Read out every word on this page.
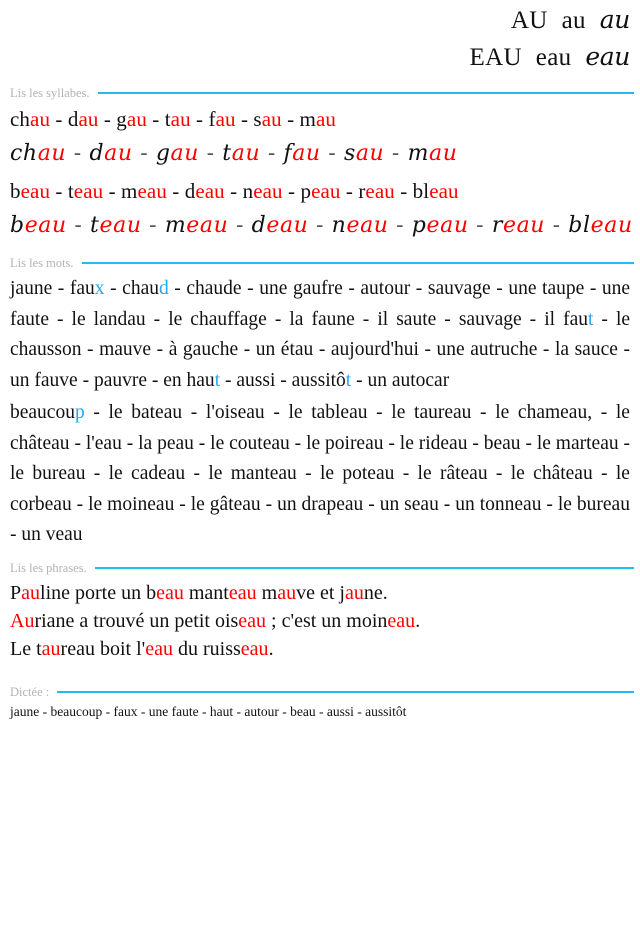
AU au au
EAU eau eau
Lis les syllabes.
chau - dau - gau - tau - fau - sau - mau
chau - dau - gau - tau - fau - sau - mau
beau - teau - meau - deau - neau - peau - reau - bleau
beau - teau - meau - deau - neau - peau - reau - bleau
Lis les mots.

jaune - faux - chaud - chaude - une gaufre - autour - sauvage - une taupe - une faute - le landau - le chauffage - la faune - il saute - sauvage - il faut - le chausson - mauve - à gauche - un étau - aujourd'hui - une autruche - la sauce - un fauve - pauvre - en haut - aussi - aussitôt - un autocar

beaucoup - le bateau - l'oiseau - le tableau - le taureau - le chameau, - le château - l'eau - la peau - le couteau - le poireau - le rideau - beau - le marteau - le bureau - le cadeau - le manteau - le poteau - le râteau - le château - le corbeau - le moineau - le gâteau - un drapeau - un seau - un tonneau - le bureau - un veau

Lis les phrases.
Pauline porte un beau manteau mauve et jaune.
Auriane a trouvé un petit oiseau ; c'est un moineau.
Le taureau boit l'eau du ruisseau.
Dictée :
jaune - beaucoup - faux - une faute - haut - autour - beau - aussi - aussitôt
